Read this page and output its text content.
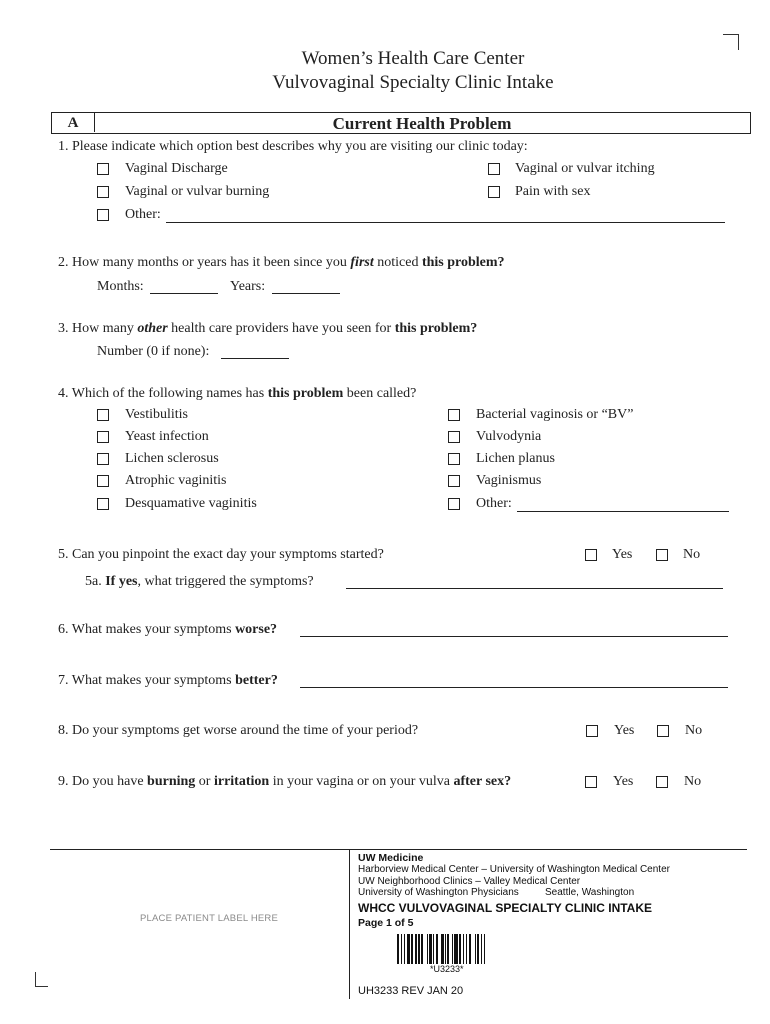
Women’s Health Care Center
Vulvovaginal Specialty Clinic Intake
A	Current Health Problem
1. Please indicate which option best describes why you are visiting our clinic today:
Vaginal Discharge
Vaginal or vulvar burning
Other:
Vaginal or vulvar itching
Pain with sex
2. How many months or years has it been since you first noticed this problem?
Months:	Years:
3. How many other health care providers have you seen for this problem?
Number (0 if none):
4. Which of the following names has this problem been called?
Vestibulitis
Yeast infection
Lichen sclerosus
Atrophic vaginitis
Desquamative vaginitis
Bacterial vaginosis or “BV”
Vulvodynia
Lichen planus
Vaginismus
Other:
5. Can you pinpoint the exact day your symptoms started?	Yes	No
5a. If yes, what triggered the symptoms?
6. What makes your symptoms worse?
7. What makes your symptoms better?
8. Do your symptoms get worse around the time of your period?	Yes	No
9. Do you have burning or irritation in your vagina or on your vulva after sex?	Yes	No
PLACE PATIENT LABEL HERE
UW Medicine
Harborview Medical Center – University of Washington Medical Center
UW Neighborhood Clinics – Valley Medical Center
University of Washington Physicians	Seattle, Washington
WHCC VULVOVAGINAL SPECIALTY CLINIC INTAKE
Page 1 of 5
*U3233*
UH3233 REV JAN 20
